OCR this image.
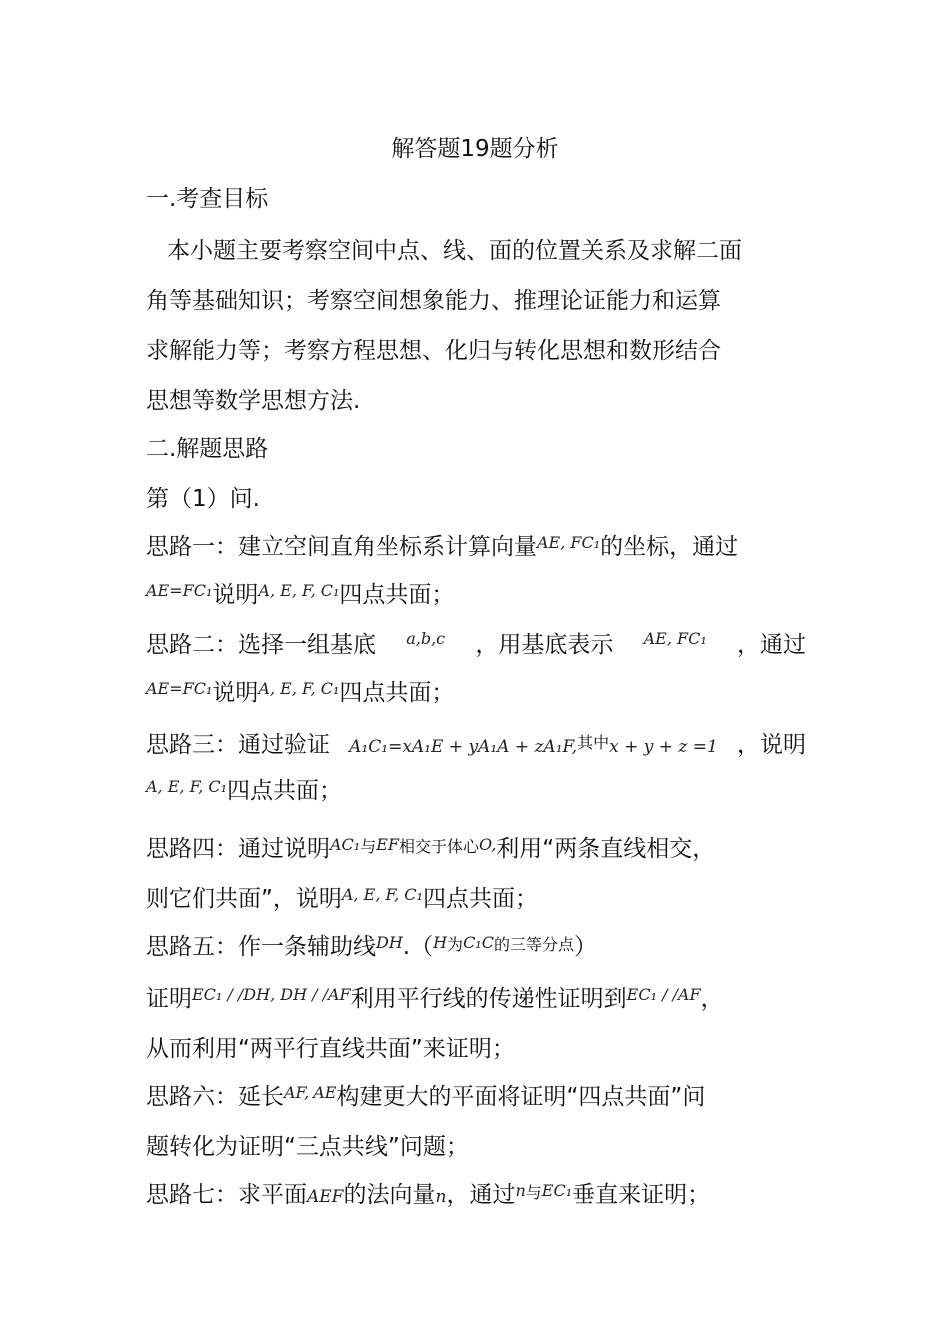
解答题19题分析
一.考查目标
本小题主要考察空间中点、线、面的位置关系及求解二面
角等基础知识；考察空间想象能力、推理论证能力和运算
求解能力等；考察方程思想、化归与转化思想和数形结合
思想等数学思想方法.
二.解题思路
第（1）问.
思路一：建立空间直角坐标系计算向量$^{AE, FC_1}$的坐标，通过
$^{AE=FC_1}$说明$^{A, E, F, C_1}$四点共面；
思路二：选择一组基底 a,b,c ，用基底表示 AE, FC₁ ，通过
$^{AE=FC_1}$说明$^{A, E, F, C_1}$四点共面；
思路三：通过验证 A₁C₁=xA₁E + yA₁A + zA₁F,其中x + y + z =1 ，说明
$^{A, E, F, C_1}$四点共面；
思路四：通过说明$^{AC_1}$与$^{EF}$相交于体心$^{O,}$利用“两条直线相交，
则它们共面”，说明$^{A, E, F, C_1}$四点共面；
思路五：作一条辅助线$^{DH}$.（$^H$为$^{C_1C}$的三等分点）
证明$^{EC_1 / /DH, DH / /AF}$利用平行线的传递性证明到$^{EC_1 / /AF}$，
从而利用“两平行直线共面”来证明；
思路六：延长$^{AF,}$ $^{AE}$构建更大的平面将证明“四点共面”问
题转化为证明“三点共线”问题；
思路七：求平面AEF的法向量n，通过$^n$与$^{EC_1}$垂直来证明；
